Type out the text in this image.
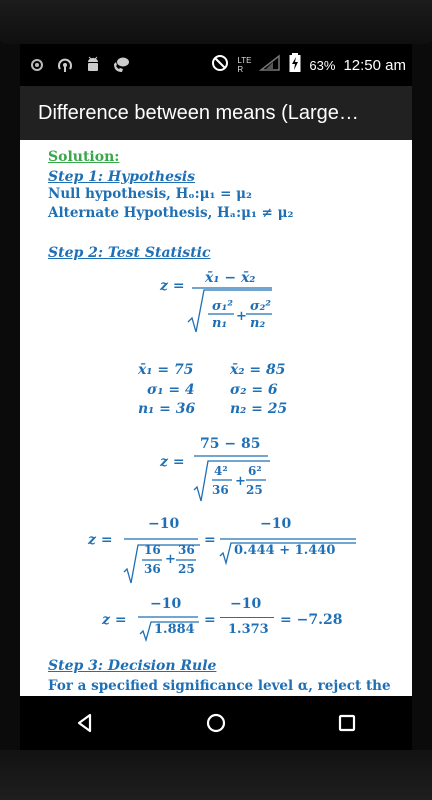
LTE R	63% 12:50 am
Difference between means (Large…
Solution:
Step 1: Hypothesis
Null hypothesis, Hₒ:μ₁ = μ₂
Alternate Hypothesis, Hₐ:μ₁ ≠ μ₂
Step 2: Test Statistic
z = x̄₁ − x̄₂
σ₁²
n₁ +
σ₂²
n₂
x̄₁ = 75	x̄₂ = 85
σ₁ = 4	σ₂ = 6
n₁ = 36 n₂ = 25
z =
75 − 85
4²
36
+
6²
25
z =
−10
16
36
+
36
25
=
−10
0.444 + 1.440
z =
−10
1.884
=
−10
1.373
= −7.28
Step 3: Decision Rule
For a specified significance level α, reject the
